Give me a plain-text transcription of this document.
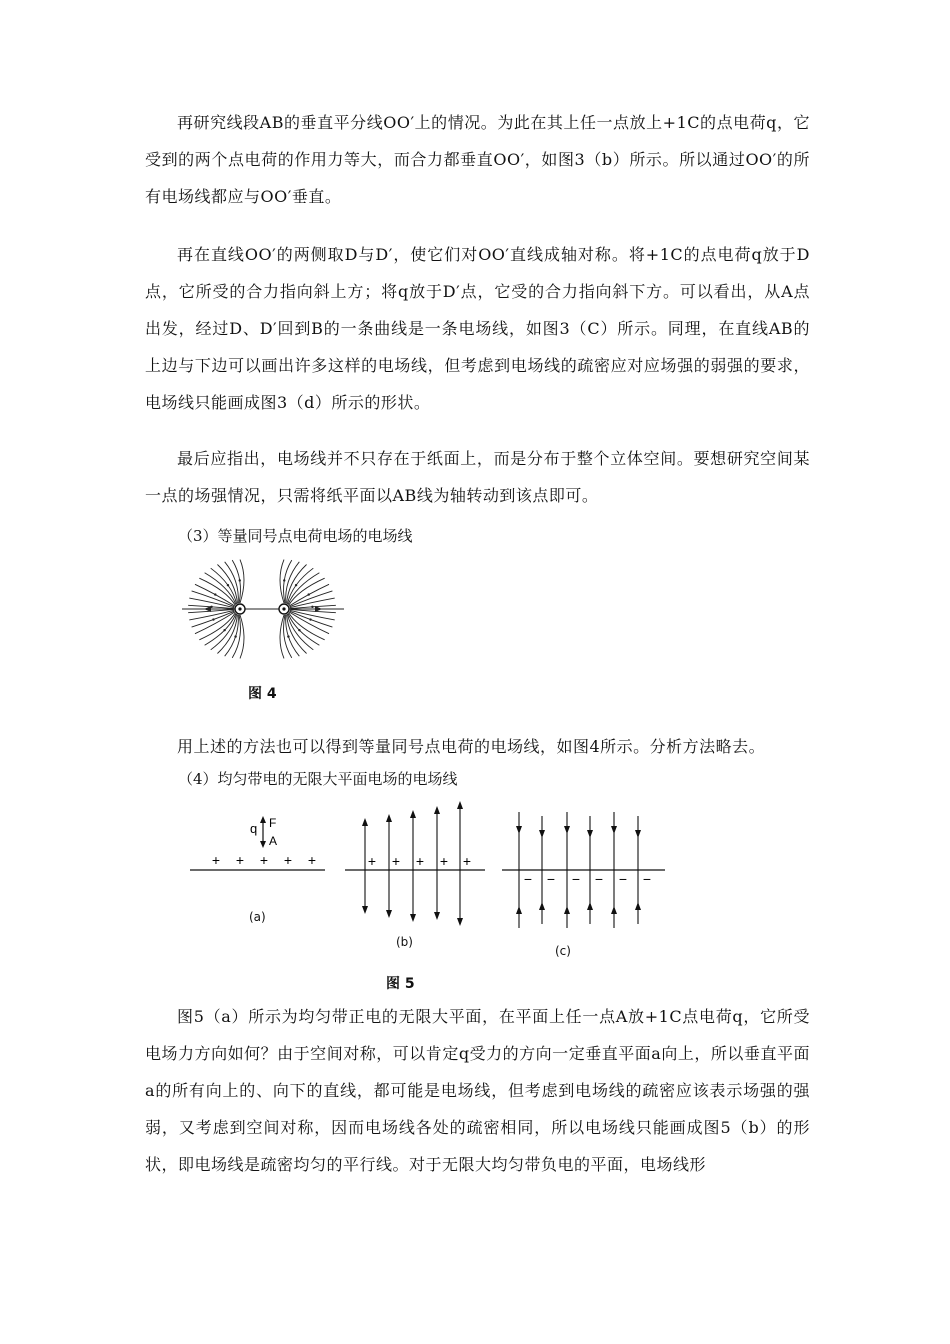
再研究线段AB的垂直平分线OO′上的情况。为此在其上任一点放上+1C的点电荷q，它受到的两个点电荷的作用力等大，而合力都垂直OO′，如图3（b）所示。所以通过OO′的所有电场线都应与OO′垂直。

再在直线OO′的两侧取D与D′，使它们对OO′直线成轴对称。将+1C的点电荷q放于D点，它所受的合力指向斜上方；将q放于D′点，它受的合力指向斜下方。可以看出，从A点出发，经过D、D′回到B的一条曲线是一条电场线，如图3（C）所示。同理，在直线AB的上边与下边可以画出许多这样的电场线，但考虑到电场线的疏密应对应场强的弱强的要求，电场线只能画成图3（d）所示的形状。

最后应指出，电场线并不只存在于纸面上，而是分布于整个立体空间。要想研究空间某一点的场强情况，只需将纸平面以AB线为轴转动到该点即可。

（3）等量同号点电荷电场的电场线

图 4

用上述的方法也可以得到等量同号点电荷的电场线，如图4所示。分析方法略去。

（4）均匀带电的无限大平面电场的电场线

q F
A
+ + + + +	+ + + + +
− − − − − −
(a)
(b)
(c)
图 5

图5（a）所示为均匀带正电的无限大平面，在平面上任一点A放+1C点电荷q，它所受电场力方向如何？由于空间对称，可以肯定q受力的方向一定垂直平面a向上，所以垂直平面a的所有向上的、向下的直线，都可能是电场线，但考虑到电场线的疏密应该表示场强的强弱，又考虑到空间对称，因而电场线各处的疏密相同，所以电场线只能画成图5（b）的形状，即电场线是疏密均匀的平行线。对于无限大均匀带负电的平面，电场线形
